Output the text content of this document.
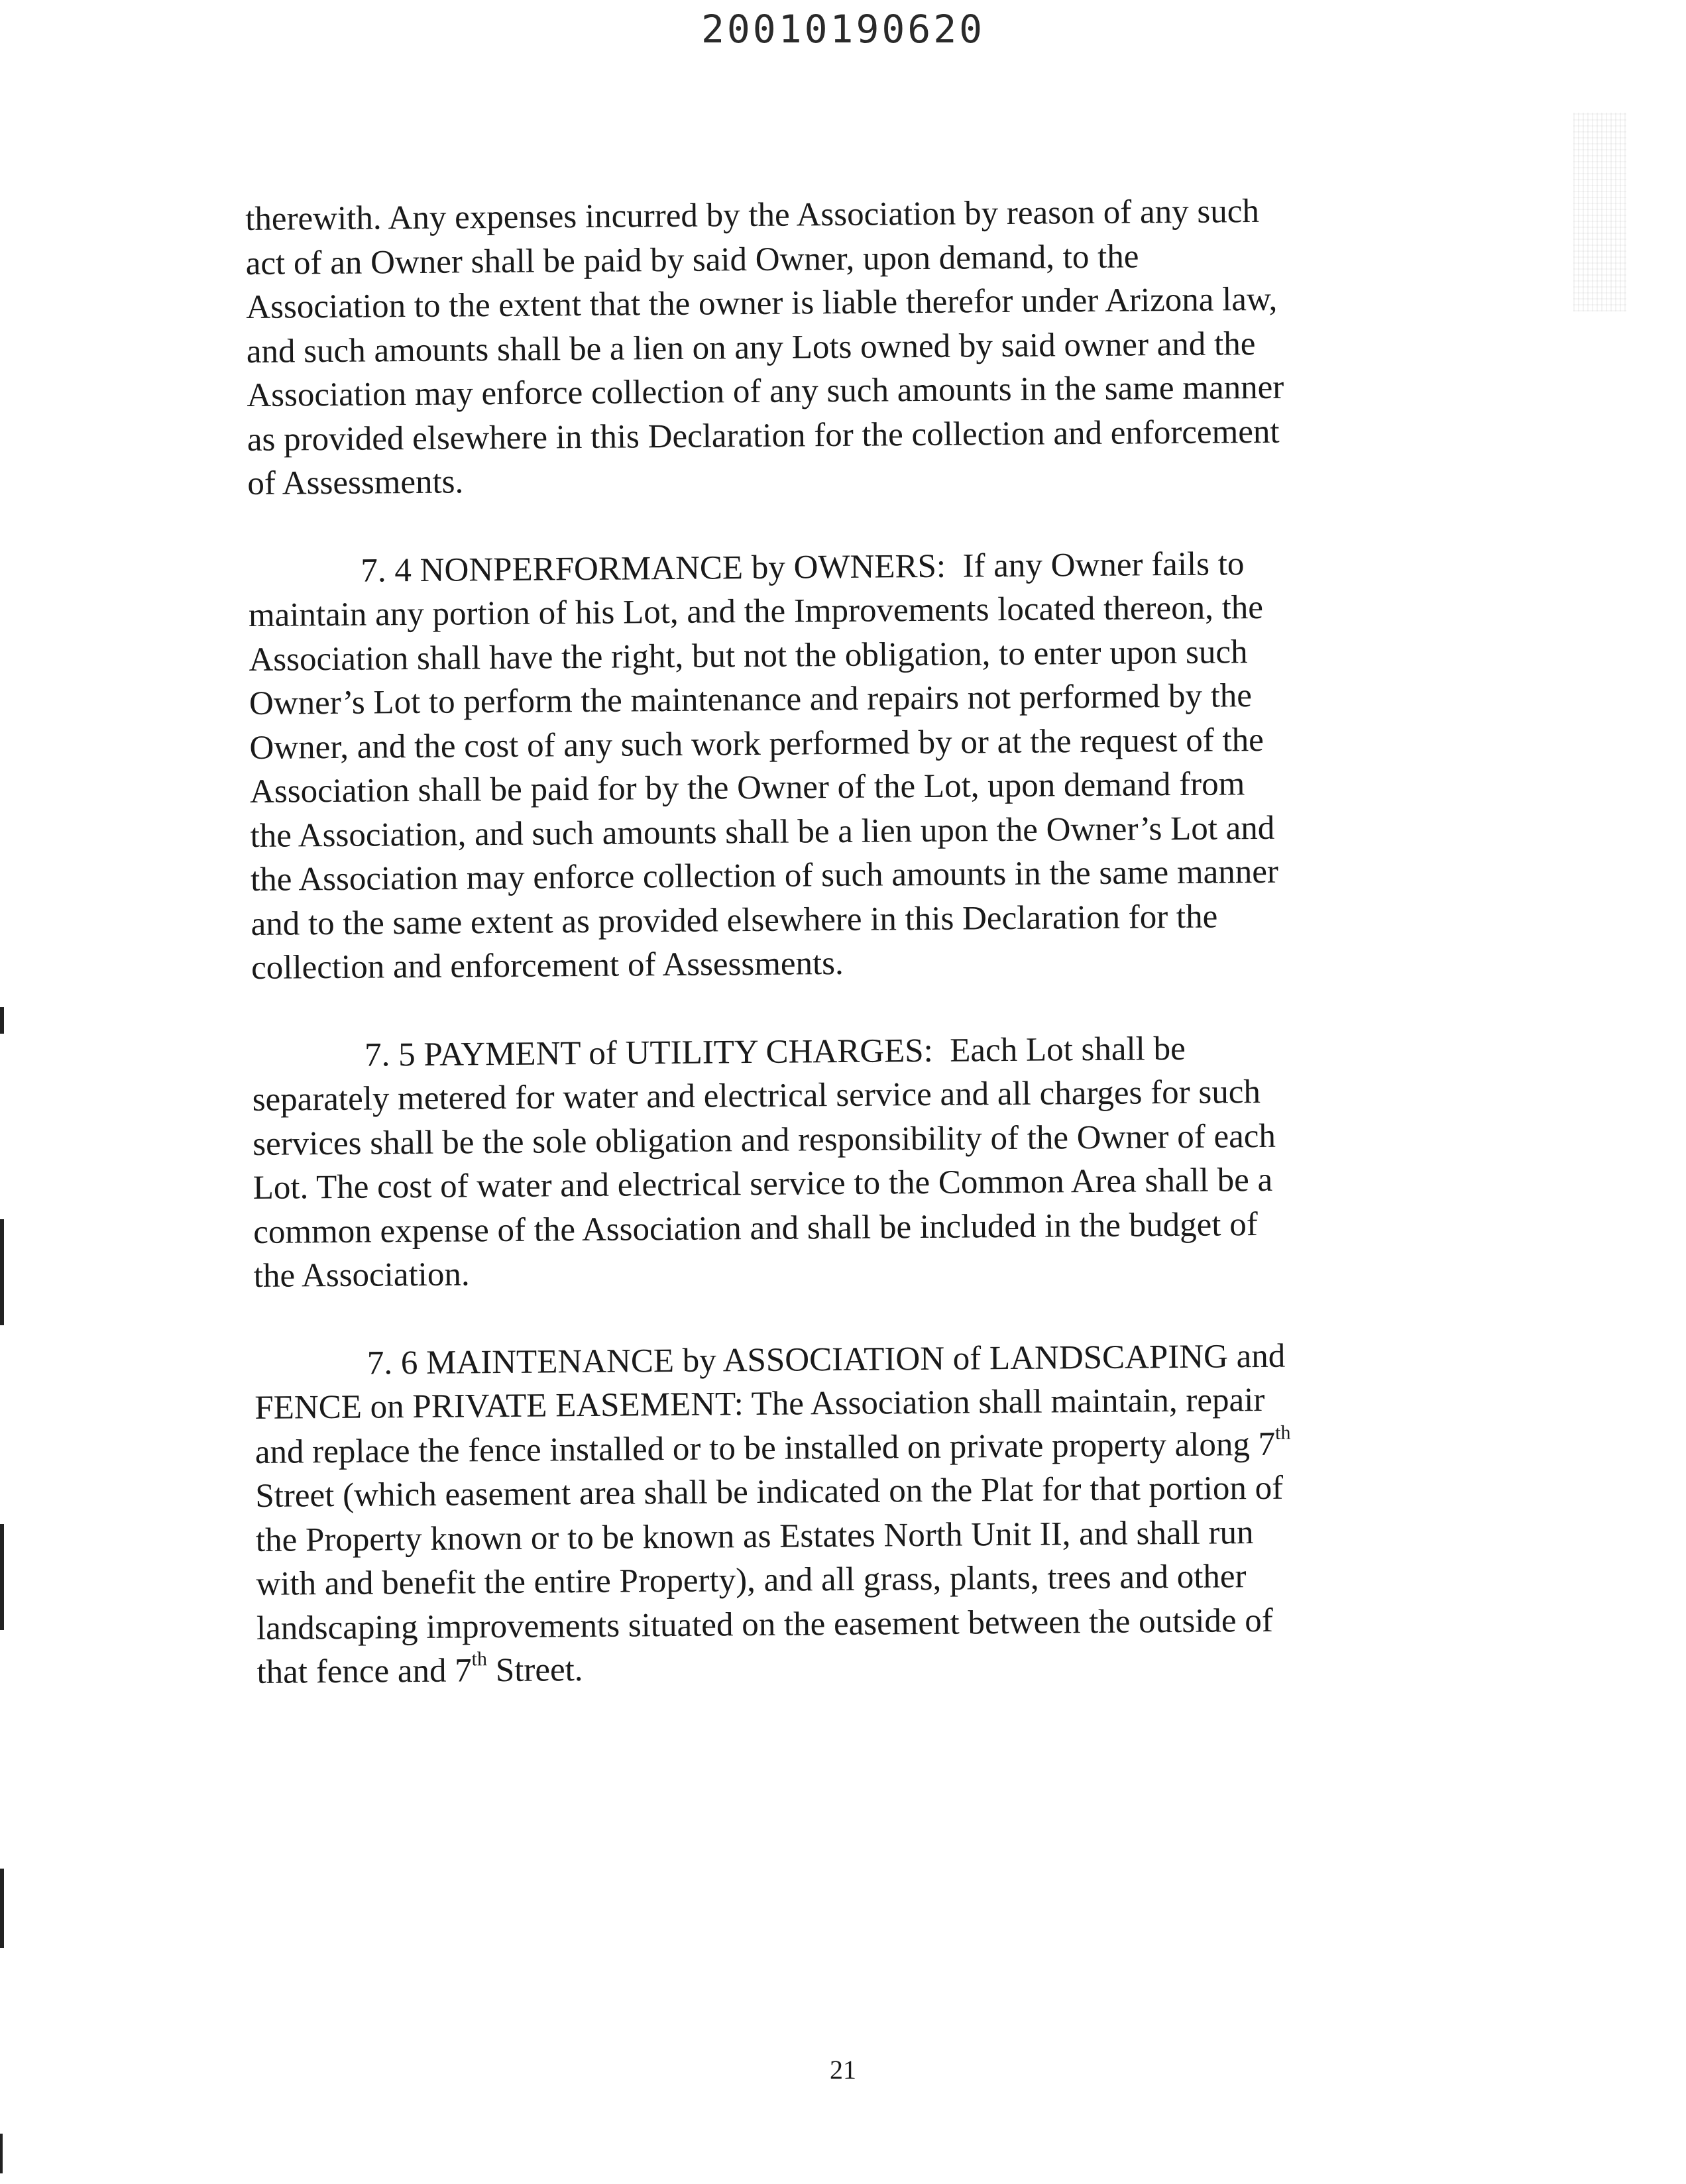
20010190620
therewith. Any expenses incurred by the Association by reason of any such
act of an Owner shall be paid by said Owner, upon demand, to the
Association to the extent that the owner is liable therefor under Arizona law,
and such amounts shall be a lien on any Lots owned by said owner and the
Association may enforce collection of any such amounts in the same manner
as provided elsewhere in this Declaration for the collection and enforcement
of Assessments.
7. 4 NONPERFORMANCE by OWNERS: If any Owner fails to
maintain any portion of his Lot, and the Improvements located thereon, the
Association shall have the right, but not the obligation, to enter upon such
Owner’s Lot to perform the maintenance and repairs not performed by the
Owner, and the cost of any such work performed by or at the request of the
Association shall be paid for by the Owner of the Lot, upon demand from
the Association, and such amounts shall be a lien upon the Owner’s Lot and
the Association may enforce collection of such amounts in the same manner
and to the same extent as provided elsewhere in this Declaration for the
collection and enforcement of Assessments.
7. 5 PAYMENT of UTILITY CHARGES: Each Lot shall be
separately metered for water and electrical service and all charges for such
services shall be the sole obligation and responsibility of the Owner of each
Lot. The cost of water and electrical service to the Common Area shall be a
common expense of the Association and shall be included in the budget of
the Association.
7. 6 MAINTENANCE by ASSOCIATION of LANDSCAPING and
FENCE on PRIVATE EASEMENT: The Association shall maintain, repair
and replace the fence installed or to be installed on private property along 7th
Street (which easement area shall be indicated on the Plat for that portion of
the Property known or to be known as Estates North Unit II, and shall run
with and benefit the entire Property), and all grass, plants, trees and other
landscaping improvements situated on the easement between the outside of
that fence and 7th Street.
21
